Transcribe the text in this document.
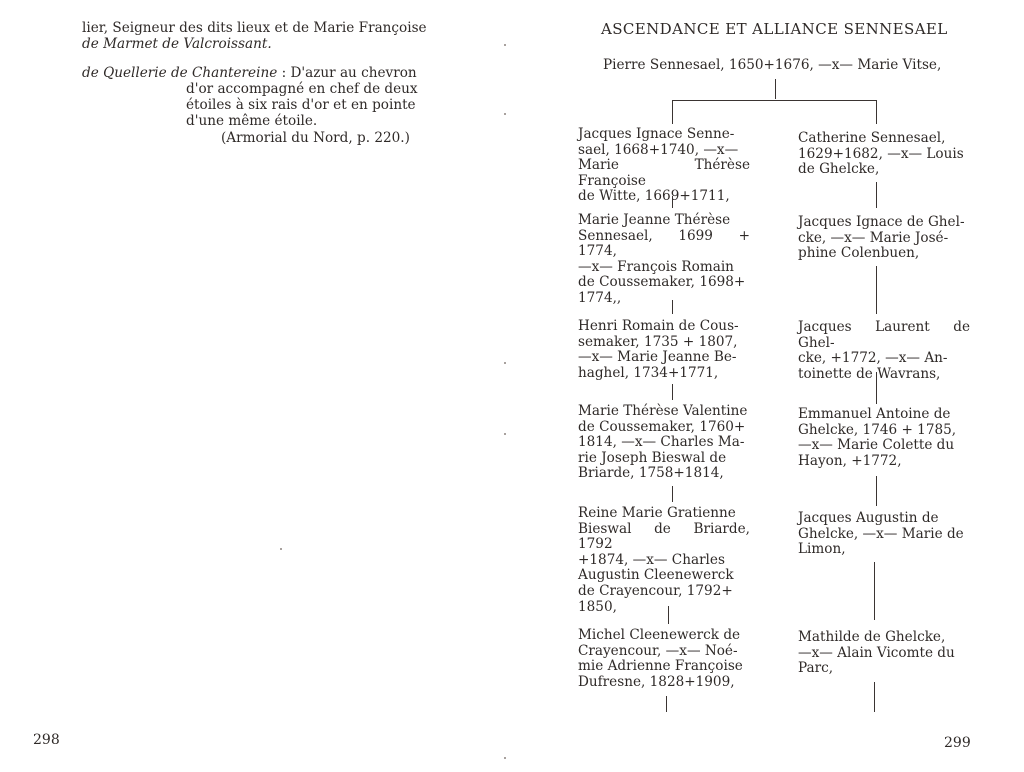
lier, Seigneur des dits lieux et de Marie Françoise
de Marmet de Valcroissant.
de Quellerie de Chantereine : D'azur au chevron
d'or accompagné en chef de deux
étoiles à six rais d'or et en pointe
d'une même étoile.
(Armorial du Nord, p. 220.)
298
ASCENDANCE ET ALLIANCE SENNESAEL
Pierre Sennesael, 1650+1676, —x— Marie Vitse,
Jacques Ignace Senne-
sael, 1668+1740, —x—
Marie Thérèse Françoise
de Witte, 1669+1711,
Marie Jeanne Thérèse
Sennesael, 1699 + 1774,
—x— François Romain
de Coussemaker, 1698+
1774,,
Henri Romain de Cous-
semaker, 1735 + 1807,
—x— Marie Jeanne Be-
haghel, 1734+1771,
Marie Thérèse Valentine
de Coussemaker, 1760+
1814, —x— Charles Ma-
rie Joseph Bieswal de
Briarde, 1758+1814,
Reine Marie Gratienne
Bieswal de Briarde, 1792
+1874, —x— Charles
Augustin Cleenewerck
de Crayencour, 1792+
1850,
Michel Cleenewerck de
Crayencour, —x— Noé-
mie Adrienne Françoise
Dufresne, 1828+1909,
Catherine Sennesael,
1629+1682, —x— Louis
de Ghelcke,
Jacques Ignace de Ghel-
cke, —x— Marie José-
phine Colenbuen,
Jacques Laurent de Ghel-
cke, +1772, —x— An-
toinette de Wavrans,
Emmanuel Antoine de
Ghelcke, 1746 + 1785,
—x— Marie Colette du
Hayon, +1772,
Jacques Augustin de
Ghelcke, —x— Marie de
Limon,
Mathilde de Ghelcke,
—x— Alain Vicomte du
Parc,
299
